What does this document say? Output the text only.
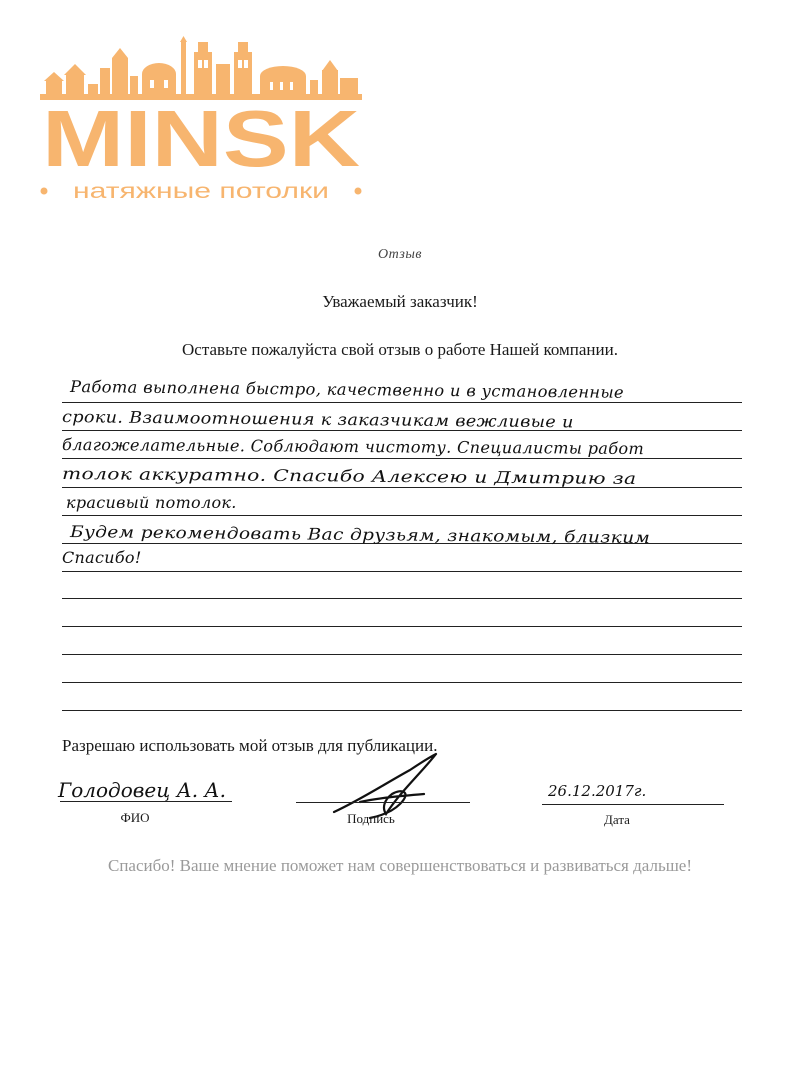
MINSK
натяжные потолки
Отзыв
Уважаемый заказчик!
Оставьте пожалуйста свой отзыв о работе Нашей компании.
Работа выполнена быстро, качественно и в установленные
сроки. Взаимоотношения к заказчикам вежливые и
благожелательные. Соблюдают чистоту. Специалисты работ
толок аккуратно. Спасибо Алексею и Дмитрию за
красивый потолок.
Будем рекомендовать Вас друзьям, знакомым, близким
Спасибо!
Разрешаю использовать мой отзыв для публикации.
Голодовец А. А.
ФИО	Подпись
26.12.2017г.
Дата
Спасибо! Ваше мнение поможет нам совершенствоваться и развиваться дальше!
